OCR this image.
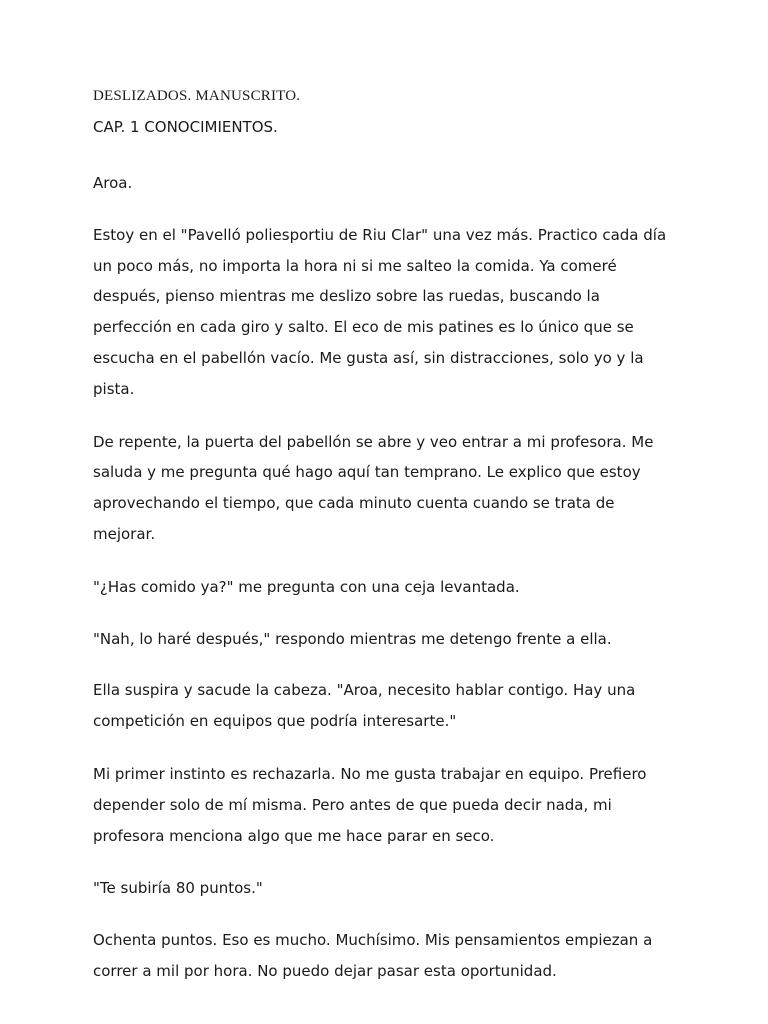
DESLIZADOS. MANUSCRITO.
CAP. 1 CONOCIMIENTOS.

Aroa.

Estoy en el "Pavelló poliesportiu de Riu Clar" una vez más. Practico cada día un poco más, no importa la hora ni si me salteo la comida. Ya comeré después, pienso mientras me deslizo sobre las ruedas, buscando la perfección en cada giro y salto. El eco de mis patines es lo único que se escucha en el pabellón vacío. Me gusta así, sin distracciones, solo yo y la pista.

De repente, la puerta del pabellón se abre y veo entrar a mi profesora. Me saluda y me pregunta qué hago aquí tan temprano. Le explico que estoy aprovechando el tiempo, que cada minuto cuenta cuando se trata de mejorar.

"¿Has comido ya?" me pregunta con una ceja levantada.

"Nah, lo haré después," respondo mientras me detengo frente a ella.

Ella suspira y sacude la cabeza. "Aroa, necesito hablar contigo. Hay una competición en equipos que podría interesarte."

Mi primer instinto es rechazarla. No me gusta trabajar en equipo. Prefiero depender solo de mí misma. Pero antes de que pueda decir nada, mi profesora menciona algo que me hace parar en seco.

"Te subiría 80 puntos."

Ochenta puntos. Eso es mucho. Muchísimo. Mis pensamientos empiezan a correr a mil por hora. No puedo dejar pasar esta oportunidad.
